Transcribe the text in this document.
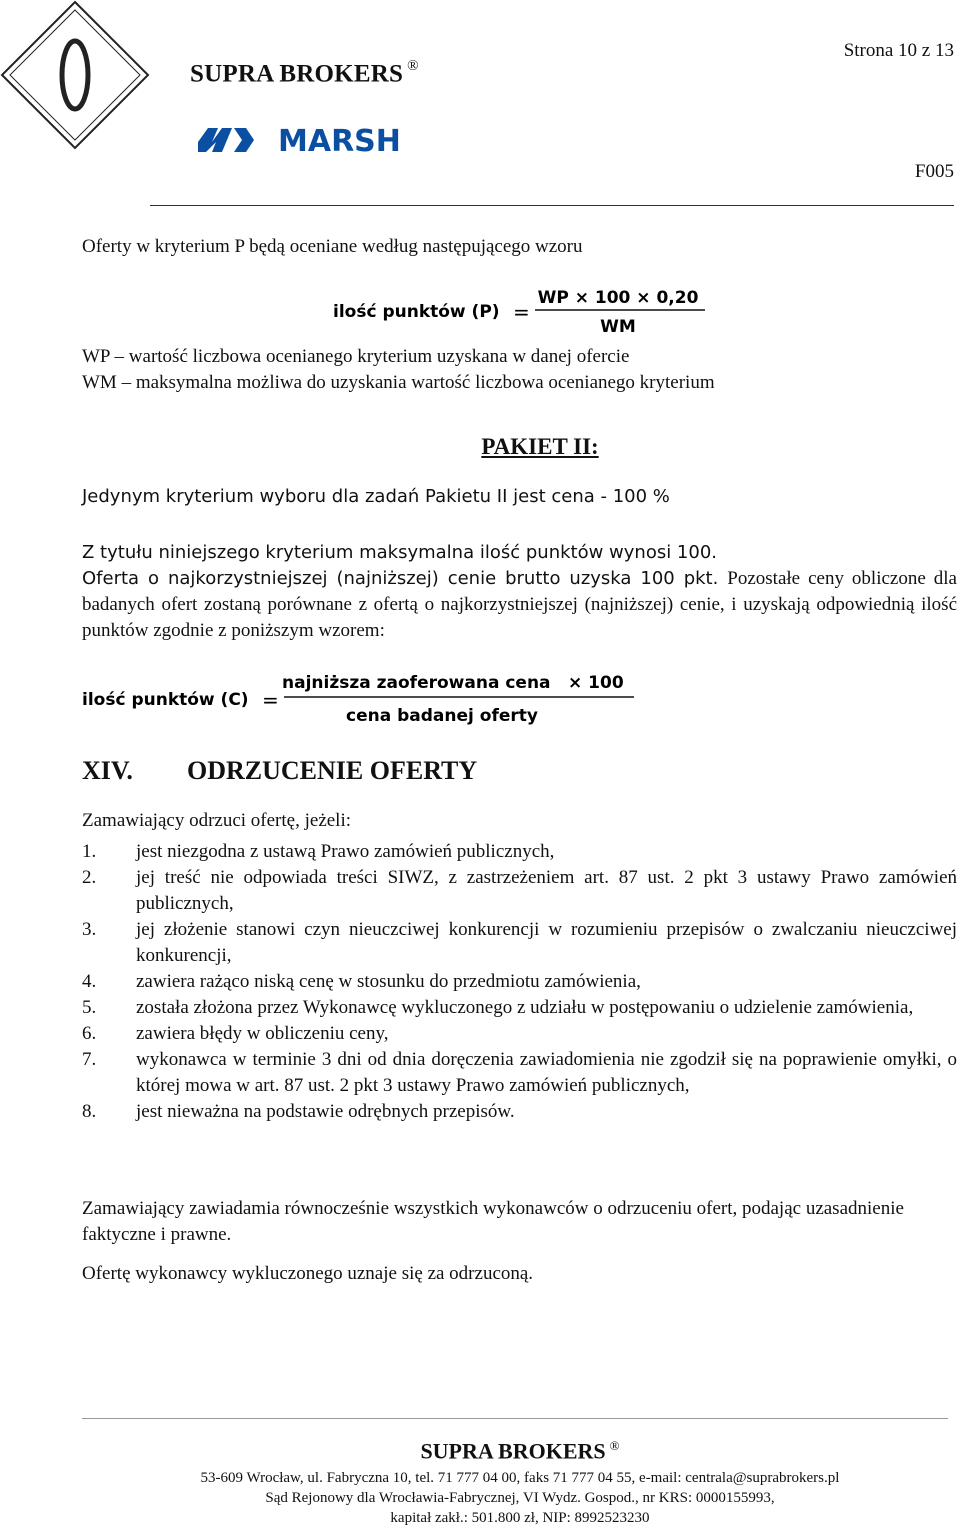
SUPRA BROKERS ®
Strona 10 z 13
MARSH
F005
Oferty w kryterium P będą oceniane według następującego wzoru
ilość punktów (P) =
WP × 100 × 0,20
WM
WP – wartość liczbowa ocenianego kryterium uzyskana w danej ofercie
WM – maksymalna możliwa do uzyskania wartość liczbowa ocenianego kryterium
PAKIET II:
Jedynym kryterium wyboru dla zadań Pakietu II jest cena - 100 %

Z tytułu niniejszego kryterium maksymalna ilość punktów wynosi 100.

Oferta o najkorzystniejszej (najniższej) cenie brutto uzyska 100 pkt. Pozostałe ceny obliczone dla badanych ofert zostaną porównane z ofertą o najkorzystniejszej (najniższej) cenie, i uzyskają odpowiednią ilość punktów zgodnie z poniższym wzorem:

ilość punktów (C) =
najniższa zaoferowana cena × 100
cena badanej oferty
XIV. ODRZUCENIE OFERTY
Zamawiający odrzuci ofertę, jeżeli:
1.	jest niezgodna z ustawą Prawo zamówień publicznych,
2.	jej treść nie odpowiada treści SIWZ, z zastrzeżeniem art. 87 ust. 2 pkt 3 ustawy Prawo zamówień publicznych,
3.	jej złożenie stanowi czyn nieuczciwej konkurencji w rozumieniu przepisów o zwalczaniu nieuczciwej konkurencji,
4.	zawiera rażąco niską cenę w stosunku do przedmiotu zamówienia,
5.	została złożona przez Wykonawcę wykluczonego z udziału w postępowaniu o udzielenie zamówienia,
6.	zawiera błędy w obliczeniu ceny,
7.	wykonawca w terminie 3 dni od dnia doręczenia zawiadomienia nie zgodził się na poprawienie omyłki, o której mowa w art. 87 ust. 2 pkt 3 ustawy Prawo zamówień publicznych,
8.	jest nieważna na podstawie odrębnych przepisów.
Zamawiający zawiadamia równocześnie wszystkich wykonawców o odrzuceniu ofert, podając uzasadnienie faktyczne i prawne.
Ofertę wykonawcy wykluczonego uznaje się za odrzuconą.
SUPRA BROKERS ®
53-609 Wrocław, ul. Fabryczna 10, tel. 71 777 04 00, faks 71 777 04 55, e-mail: centrala@suprabrokers.pl
Sąd Rejonowy dla Wrocławia-Fabrycznej, VI Wydz. Gospod., nr KRS: 0000155993,
kapitał zakł.: 501.800 zł, NIP: 8992523230
